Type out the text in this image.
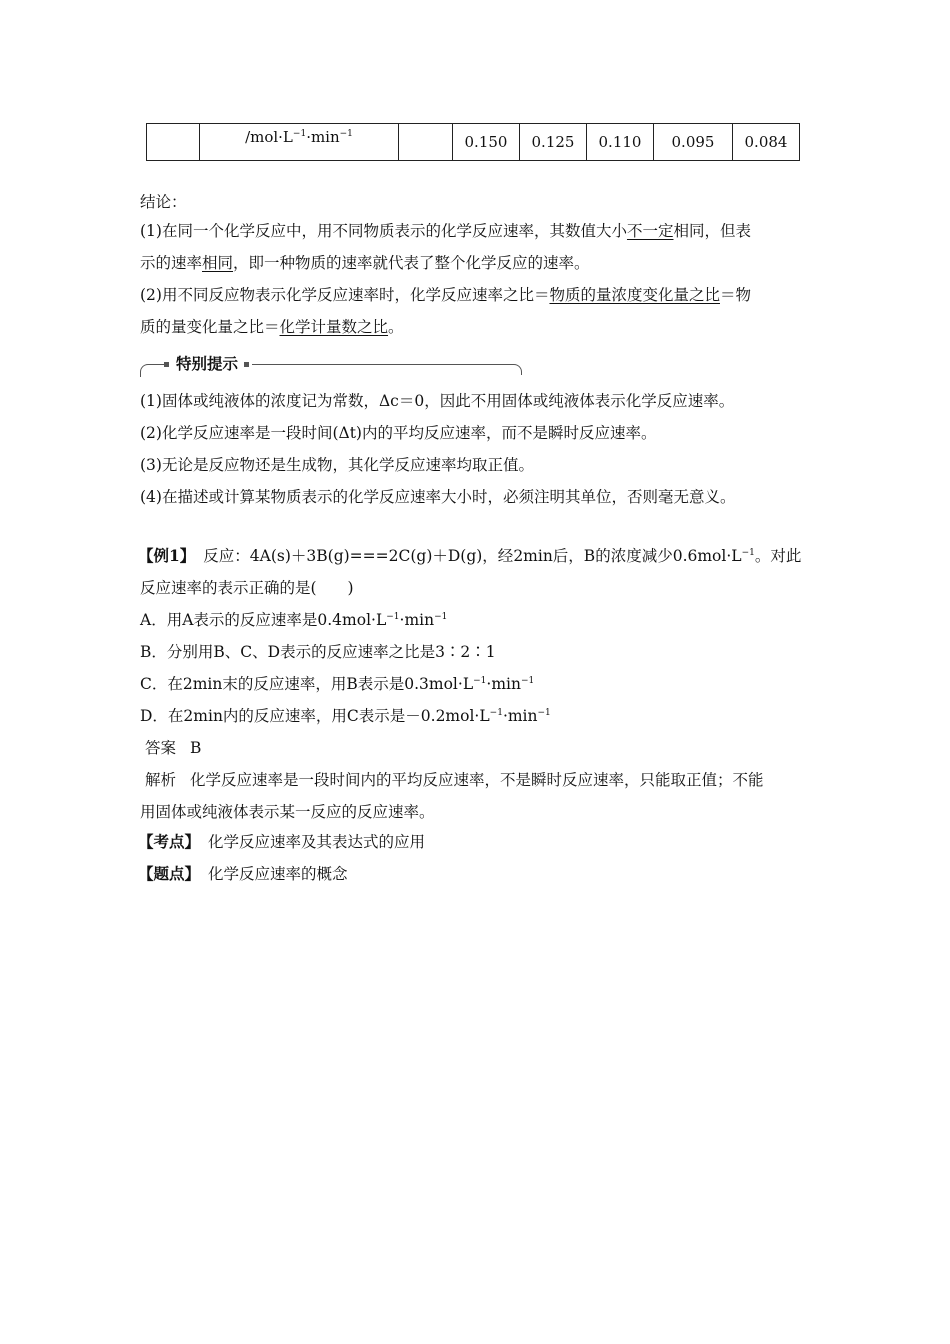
	$/mol\cdot L^{-1}\cdot\min^{-1}$		0.150	0.125	0.110	0.095	0.084
结论：
(1)在同一个化学反应中，用不同物质表示的化学反应速率，其数值大小不一定相同，但表
示的速率相同，即一种物质的速率就代表了整个化学反应的速率。
(2)用不同反应物表示化学反应速率时，化学反应速率之比＝物质的量浓度变化量之比＝物
质的量变化量之比＝化学计量数之比。
特别提示
(1)固体或纯液体的浓度记为常数，Δc＝0，因此不用固体或纯液体表示化学反应速率。
(2)化学反应速率是一段时间(Δt)内的平均反应速率，而不是瞬时反应速率。
(3)无论是反应物还是生成物，其化学反应速率均取正值。
(4)在描述或计算某物质表示的化学反应速率大小时，必须注明其单位，否则毫无意义。
【例1】 反应：4A(s)＋3B(g)===2C(g)＋D(g)，经2min后，B的浓度减少$0.6mol\cdot L^{-1}$。对此
反应速率的表示正确的是(　　)
A．用A表示的反应速率是$0.4mol\cdot L^{-1}\cdot\min^{-1}$
B．分别用B、C、D表示的反应速率之比是3∶2∶1
C．在2min末的反应速率，用B表示是$0.3mol\cdot L^{-1}\cdot\min^{-1}$
D．在2min内的反应速率，用C表示是$-0.2mol\cdot L^{-1}\cdot\min^{-1}$
答案 B
解析 化学反应速率是一段时间内的平均反应速率，不是瞬时反应速率，只能取正值；不能
用固体或纯液体表示某一反应的反应速率。
【考点】 化学反应速率及其表达式的应用
【题点】 化学反应速率的概念
